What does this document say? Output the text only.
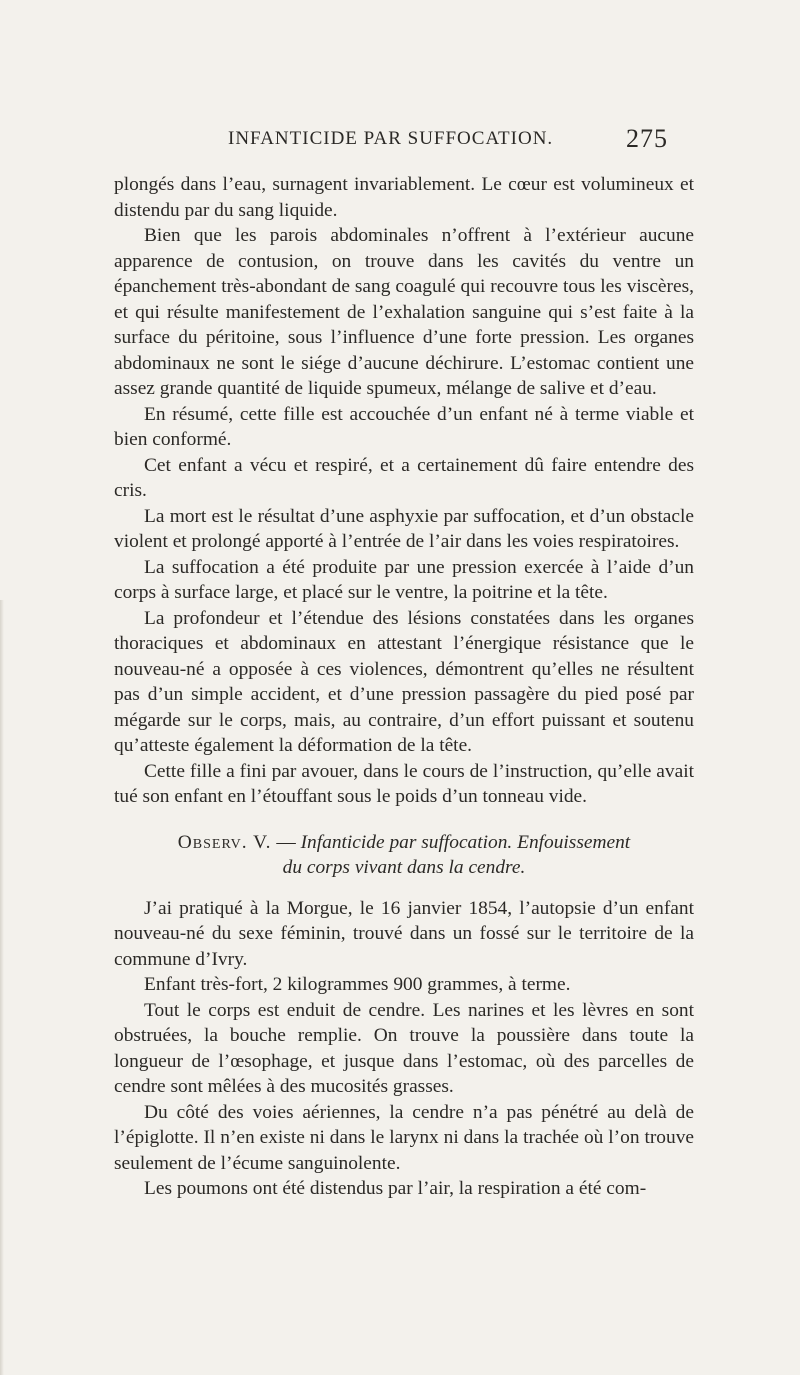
INFANTICIDE PAR SUFFOCATION.	275

plongés dans l’eau, surnagent invariablement. Le cœur est volumineux et distendu par du sang liquide.

Bien que les parois abdominales n’offrent à l’extérieur aucune apparence de contusion, on trouve dans les cavités du ventre un épanchement très-abondant de sang coagulé qui recouvre tous les viscères, et qui résulte manifestement de l’exhalation sanguine qui s’est faite à la surface du péritoine, sous l’influence d’une forte pression. Les organes abdominaux ne sont le siége d’aucune déchirure. L’estomac contient une assez grande quantité de liquide spumeux, mélange de salive et d’eau.

En résumé, cette fille est accouchée d’un enfant né à terme viable et bien conformé.

Cet enfant a vécu et respiré, et a certainement dû faire entendre des cris.

La mort est le résultat d’une asphyxie par suffocation, et d’un obstacle violent et prolongé apporté à l’entrée de l’air dans les voies respiratoires.

La suffocation a été produite par une pression exercée à l’aide d’un corps à surface large, et placé sur le ventre, la poitrine et la tête.

La profondeur et l’étendue des lésions constatées dans les organes thoraciques et abdominaux en attestant l’énergique résistance que le nouveau-né a opposée à ces violences, démontrent qu’elles ne résultent pas d’un simple accident, et d’une pression passagère du pied posé par mégarde sur le corps, mais, au contraire, d’un effort puissant et soutenu qu’atteste également la déformation de la tête.

Cette fille a fini par avouer, dans le cours de l’instruction, qu’elle avait tué son enfant en l’étouffant sous le poids d’un tonneau vide.

Observ. V. — Infanticide par suffocation. Enfouissement
du corps vivant dans la cendre.

J’ai pratiqué à la Morgue, le 16 janvier 1854, l’autopsie d’un enfant nouveau-né du sexe féminin, trouvé dans un fossé sur le territoire de la commune d’Ivry.

Enfant très-fort, 2 kilogrammes 900 grammes, à terme.

Tout le corps est enduit de cendre. Les narines et les lèvres en sont obstruées, la bouche remplie. On trouve la poussière dans toute la longueur de l’œsophage, et jusque dans l’estomac, où des parcelles de cendre sont mêlées à des mucosités grasses.

Du côté des voies aériennes, la cendre n’a pas pénétré au delà de l’épiglotte. Il n’en existe ni dans le larynx ni dans la trachée où l’on trouve seulement de l’écume sanguinolente.

Les poumons ont été distendus par l’air, la respiration a été com-
